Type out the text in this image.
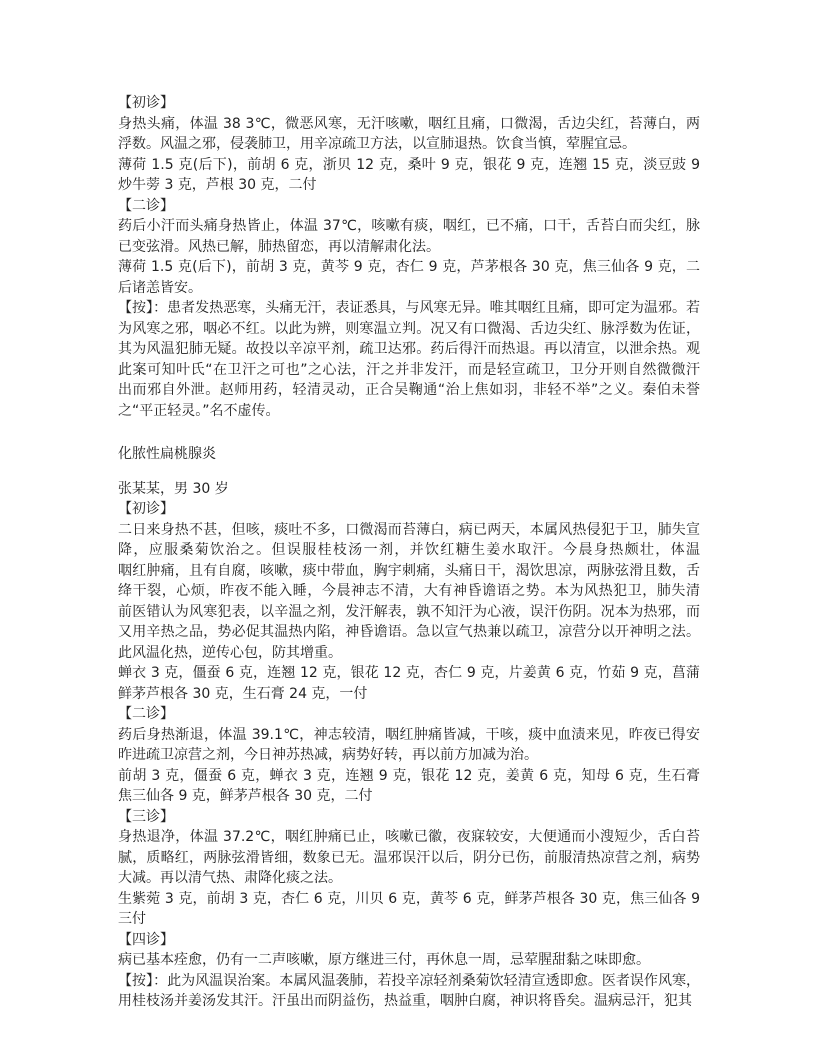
【初诊】
身热头痛，体温 38 3℃，微恶风寒，无汗咳嗽，咽红且痛，口微渴，舌边尖红，苔薄白，两
浮数。风温之邪，侵袭肺卫，用辛凉疏卫方法，以宣肺退热。饮食当慎，荤腥宜忌。
薄荷 1.5 克(后下)，前胡 6 克，浙贝 12 克，桑叶 9 克，银花 9 克，连翘 15 克，淡豆豉 9
炒牛蒡 3 克，芦根 30 克，二付
【二诊】
药后小汗而头痛身热皆止，体温 37℃，咳嗽有痰，咽红，已不痛，口干，舌苔白而尖红，脉
已变弦滑。风热已解，肺热留恋，再以清解肃化法。
薄荷 1.5 克(后下)，前胡 3 克，黄芩 9 克，杏仁 9 克，芦茅根各 30 克，焦三仙各 9 克，二
后诸恙皆安。
【按】：患者发热恶寒，头痛无汗，表证悉具，与风寒无异。唯其咽红且痛，即可定为温邪。若
为风寒之邪，咽必不红。以此为辨，则寒温立判。况又有口微渴、舌边尖红、脉浮数为佐证，
其为风温犯肺无疑。故投以辛凉平剂，疏卫达邪。药后得汗而热退。再以清宣，以泄余热。观
此案可知叶氏“在卫汗之可也”之心法，汗之并非发汗，而是轻宣疏卫，卫分开则自然微微汗
出而邪自外泄。赵师用药，轻清灵动，正合吴鞠通“治上焦如羽，非轻不举”之义。秦伯未誉
之“平正轻灵。”名不虚传。
化脓性扁桃腺炎
张某某，男 30 岁
【初诊】
二日来身热不甚，但咳，痰吐不多，口微渴而苔薄白，病已两天，本属风热侵犯于卫，肺失宣
降，应服桑菊饮治之。但误服桂枝汤一剂，并饮红糖生姜水取汗。今晨身热颇壮，体温
咽红肿痛，且有自腐，咳嗽，痰中带血，胸宇刺痛，头痛日干，渴饮思凉，两脉弦滑且数，舌
绛干裂，心烦，昨夜不能入睡，今晨神志不清，大有神昏谵语之势。本为风热犯卫，肺失清
前医错认为风寒犯表，以辛温之剂，发汗解表，孰不知汗为心液，误汗伤阴。况本为热邪，而
又用辛热之品，势必促其温热内陷，神昏谵语。急以宣气热兼以疏卫，凉营分以开神明之法。
此风温化热，逆传心包，防其增重。
蝉衣 3 克，僵蚕 6 克，连翘 12 克，银花 12 克，杏仁 9 克，片姜黄 6 克，竹茹 9 克，菖蒲
鲜茅芦根各 30 克，生石膏 24 克，一付
【二诊】
药后身热渐退，体温 39.1℃，神志较清，咽红肿痛皆减，干咳，痰中血渍来见，昨夜已得安
昨进疏卫凉营之剂，今日神苏热减，病势好转，再以前方加减为治。
前胡 3 克，僵蚕 6 克，蝉衣 3 克，连翘 9 克，银花 12 克，姜黄 6 克，知母 6 克，生石膏
焦三仙各 9 克，鲜茅芦根各 30 克，二付
【三诊】
身热退净，体温 37.2℃，咽红肿痛已止，咳嗽已徽，夜寐较安，大便通而小溲短少，舌白苔
腻，质略红，两脉弦滑皆细，数象已无。温邪误汗以后，阴分已伤，前服清热凉营之剂，病势
大减。再以清气热、肃降化痰之法。
生紫菀 3 克，前胡 3 克，杏仁 6 克，川贝 6 克，黄芩 6 克，鲜茅芦根各 30 克，焦三仙各 9
三付
【四诊】
病已基本痊愈，仍有一二声咳嗽，原方继进三付，再休息一周，忌荤腥甜黏之味即愈。
【按】：此为风温误治案。本属风温袭肺，若投辛凉轻剂桑菊饮轻清宣透即愈。医者误作风寒，
用桂枝汤并姜汤发其汗。汗虽出而阴益伤，热益重，咽肿白腐，神识将昏矣。温病忌汗，犯其
